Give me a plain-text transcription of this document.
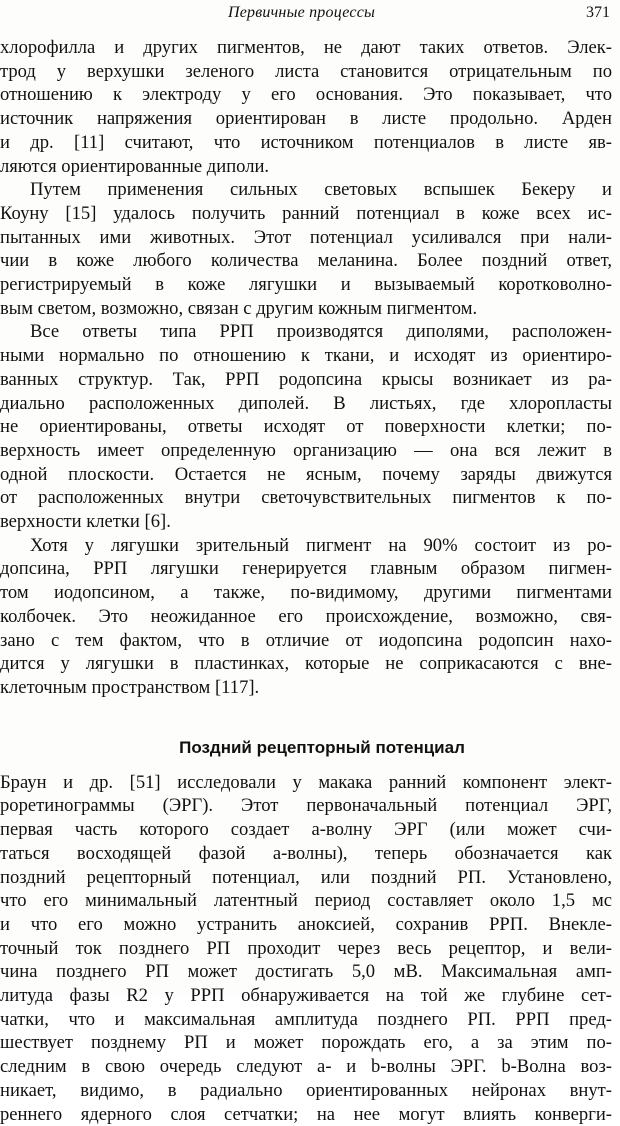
Первичные процессы	371
хлорофилла и других пигментов, не дают таких ответов. Элек-
трод у верхушки зеленого листа становится отрицательным по
отношению к электроду у его основания. Это показывает, что
источник напряжения ориентирован в листе продольно. Арден
и др. [11] считают, что источником потенциалов в листе яв-
ляются ориентированные диполи.
Путем применения сильных световых вспышек Бекеру и
Коуну [15] удалось получить ранний потенциал в коже всех ис-
пытанных ими животных. Этот потенциал усиливался при нали-
чии в коже любого количества меланина. Более поздний ответ,
регистрируемый в коже лягушки и вызываемый коротковолно-
вым светом, возможно, связан с другим кожным пигментом.
Все ответы типа РРП производятся диполями, расположен-
ными нормально по отношению к ткани, и исходят из ориентиро-
ванных структур. Так, РРП родопсина крысы возникает из ра-
диально расположенных диполей. В листьях, где хлоропласты
не ориентированы, ответы исходят от поверхности клетки; по-
верхность имеет определенную организацию — она вся лежит в
одной плоскости. Остается не ясным, почему заряды движутся
от расположенных внутри светочувствительных пигментов к по-
верхности клетки [6].
Хотя у лягушки зрительный пигмент на 90% состоит из ро-
допсина, РРП лягушки генерируется главным образом пигмен-
том иодопсином, а также, по-видимому, другими пигментами
колбочек. Это неожиданное его происхождение, возможно, свя-
зано с тем фактом, что в отличие от иодопсина родопсин нахо-
дится у лягушки в пластинках, которые не соприкасаются с вне-
клеточным пространством [117].
Поздний рецепторный потенциал
Браун и др. [51] исследовали у макака ранний компонент элект-
роретинограммы (ЭРГ). Этот первоначальный потенциал ЭРГ,
первая часть которого создает а-волну ЭРГ (или может счи-
таться восходящей фазой а-волны), теперь обозначается как
поздний рецепторный потенциал, или поздний РП. Установлено,
что его минимальный латентный период составляет около 1,5 мс
и что его можно устранить аноксией, сохранив РРП. Внекле-
точный ток позднего РП проходит через весь рецептор, и вели-
чина позднего РП может достигать 5,0 мВ. Максимальная амп-
литуда фазы R2 у РРП обнаруживается на той же глубине сет-
чатки, что и максимальная амплитуда позднего РП. РРП пред-
шествует позднему РП и может порождать его, а за этим по-
следним в свою очередь следуют а- и b-волны ЭРГ. b-Волна воз-
никает, видимо, в радиально ориентированных нейронах внут-
реннего ядерного слоя сетчатки; на нее могут влиять конверги-
